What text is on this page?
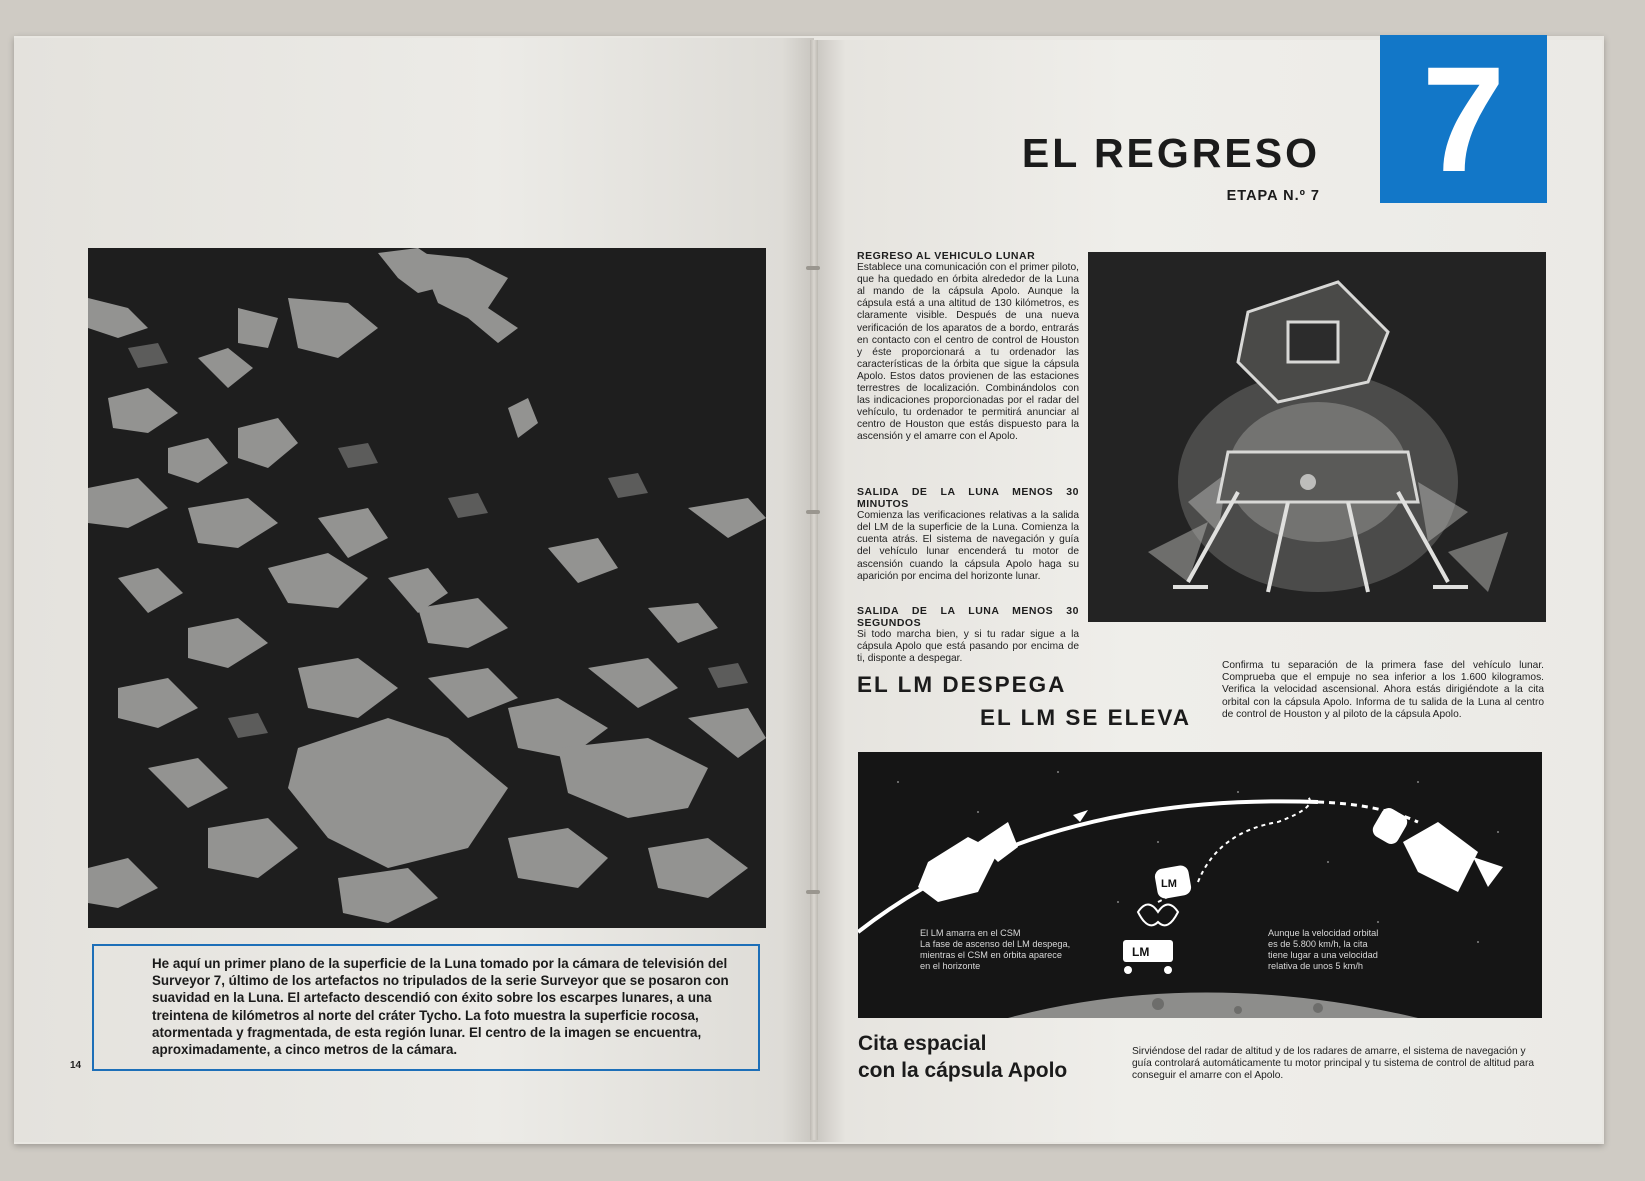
He aquí un primer plano de la superficie de la Luna tomado por la cámara de televisión del Surveyor 7, último de los artefactos no tripulados de la serie Surveyor que se posaron con suavidad en la Luna. El artefacto descendió con éxito sobre los escarpes lunares, a una treintena de kilómetros al norte del cráter Tycho. La foto muestra la superficie rocosa, atormentada y fragmentada, de esta región lunar. El centro de la imagen se encuentra, aproximadamente, a cinco metros de la cámara.
14
7
EL REGRESO
ETAPA N.º 7
REGRESO AL VEHICULO LUNAR

Establece una comunicación con el primer piloto, que ha quedado en órbita alrededor de la Luna al mando de la cápsula Apolo. Aunque la cápsula está a una altitud de 130 kilómetros, es claramente visible. Después de una nueva verificación de los aparatos de a bordo, entrarás en contacto con el centro de control de Houston y éste proporcionará a tu ordenador las características de la órbita que sigue la cápsula Apolo. Estos datos provienen de las estaciones terrestres de localización. Combinándolos con las indicaciones proporcionadas por el radar del vehículo, tu ordenador te permitirá anunciar al centro de Houston que estás dispuesto para la ascensión y el amarre con el Apolo.

SALIDA DE LA LUNA MENOS 30 MINUTOS

Comienza las verificaciones relativas a la salida del LM de la superficie de la Luna. Comienza la cuenta atrás. El sistema de navegación y guía del vehículo lunar encenderá tu motor de ascensión cuando la cápsula Apolo haga su aparición por encima del horizonte lunar.

SALIDA DE LA LUNA MENOS 30 SEGUNDOS

Si todo marcha bien, y si tu radar sigue a la cápsula Apolo que está pasando por encima de ti, disponte a despegar.

EL LM DESPEGA
EL LM SE ELEVA
Confirma tu separación de la primera fase del vehículo lunar. Comprueba que el empuje no sea inferior a los 1.600 kilogramos. Verifica la velocidad ascensional. Ahora estás dirigiéndote a la cita orbital con la cápsula Apolo. Informa de tu salida de la Luna al centro de control de Houston y al piloto de la cápsula Apolo.
LM
LM
El LM amarra en el CSM
La fase de ascenso del LM despega,
mientras el CSM en órbita aparece
en el horizonte
Aunque la velocidad orbital
es de 5.800 km/h, la cita
tiene lugar a una velocidad
relativa de unos 5 km/h
Cita espacial
con la cápsula Apolo
Sirviéndose del radar de altitud y de los radares de amarre, el sistema de navegación y guía controlará automáticamente tu motor principal y tu sistema de control de altitud para conseguir el amarre con el Apolo.
